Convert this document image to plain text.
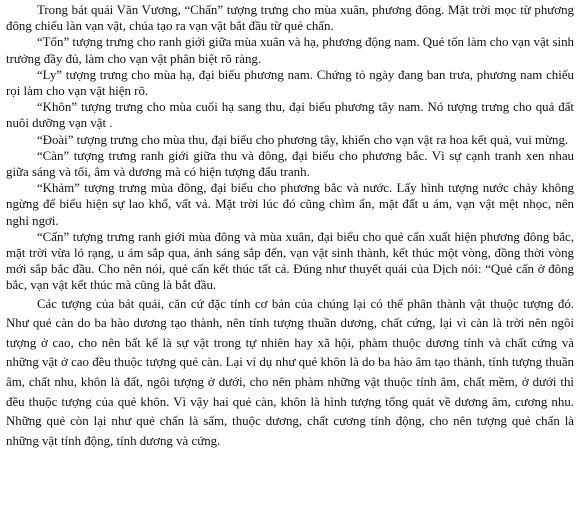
Trong bát quái Văn Vương, “Chấn” tượng trưng cho mùa xuân, phương đông. Mặt trời mọc từ phương đông chiếu làn vạn vật, chúa tạo ra vạn vật bắt đầu từ quẻ chấn.

“Tốn” tượng trưng cho ranh giới giữa mùa xuân và hạ, phương động nam. Quẻ tốn làm cho vạn vật sinh trưởng đầy đủ, làm cho vạn vật phân biệt rõ ràng.

“Ly” tượng trưng cho mùa hạ, đại biểu phương nam. Chứng tỏ ngày đang ban trưa, phương nam chiếu rọi làm cho vạn vật hiện rõ.

“Khôn” tượng trưng cho mùa cuối hạ sang thu, đại biểu phương tây nam. Nó tượng trưng cho quả đất nuôi dưỡng vạn vật .

“Đoài” tượng trưng cho mùa thu, đại biểu cho phương tây, khiến cho vạn vật ra hoa kết quả, vui mừng.

“Càn” tượng trưng ranh giới giữa thu và đông, đại biểu cho phương bắc. Vì sự cạnh tranh xen nhau giữa sáng và tối, âm và dương mà có hiện tượng đấu tranh.

“Khảm” tượng trưng mùa đông, đại biểu cho phương bắc và nước. Lấy hình tượng nước chảy không ngừng để biểu hiện sự lao khổ, vất vả. Mặt trời lúc đó cũng chìm ẩn, mặt đất u ám, vạn vật mệt nhọc, nên nghỉ ngơi.

“Cấn” tượng trưng ranh giới mùa đông và mùa xuân, đại biểu cho quẻ cấn xuất hiện phương đông bắc, mặt trời vừa ló rạng, u ám sắp qua, ánh sáng sắp đến, vạn vật sinh thành, kết thúc một vòng, đồng thời vòng mới sắp bắc đầu. Cho nên nói, quẻ cấn kết thúc tất cả. Đúng như thuyết quái của Dịch nói: “Quẻ cấn ở đông bắc, vạn vật kết thúc mà cũng là bắt đầu.

Các tượng của bát quái, căn cứ đặc tính cơ bản của chúng lại có thể phân thành vật thuộc tượng đó. Như quẻ càn do ba hào dương tạo thành, nên tính tượng thuần dương, chất cứng, lại vì càn là trời nên ngôi tượng ở cao, cho nên bất kể là sự vật trong tự nhiên hay xã hội, phàm thuộc dương tính và chất cứng và những vật ở cao đều thuộc tượng quẻ càn. Lại ví dụ như quẻ khôn là do ba hào âm tạo thành, tính tượng thuần âm, chất nhu, khôn là đất, ngôi tượng ở dưới, cho nên phàm những vật thuộc tính âm, chất mềm, ở dưới thì đều thuộc tượng của quẻ khôn. Vì vậy hai quẻ càn, khôn là hình tượng tổng quát về dương âm, cương nhu. Những quẻ còn lại như quẻ chấn là sấm, thuộc dương, chất cương tính động, cho nên tượng quẻ chấn là những vật tính động, tính dương và cứng.
